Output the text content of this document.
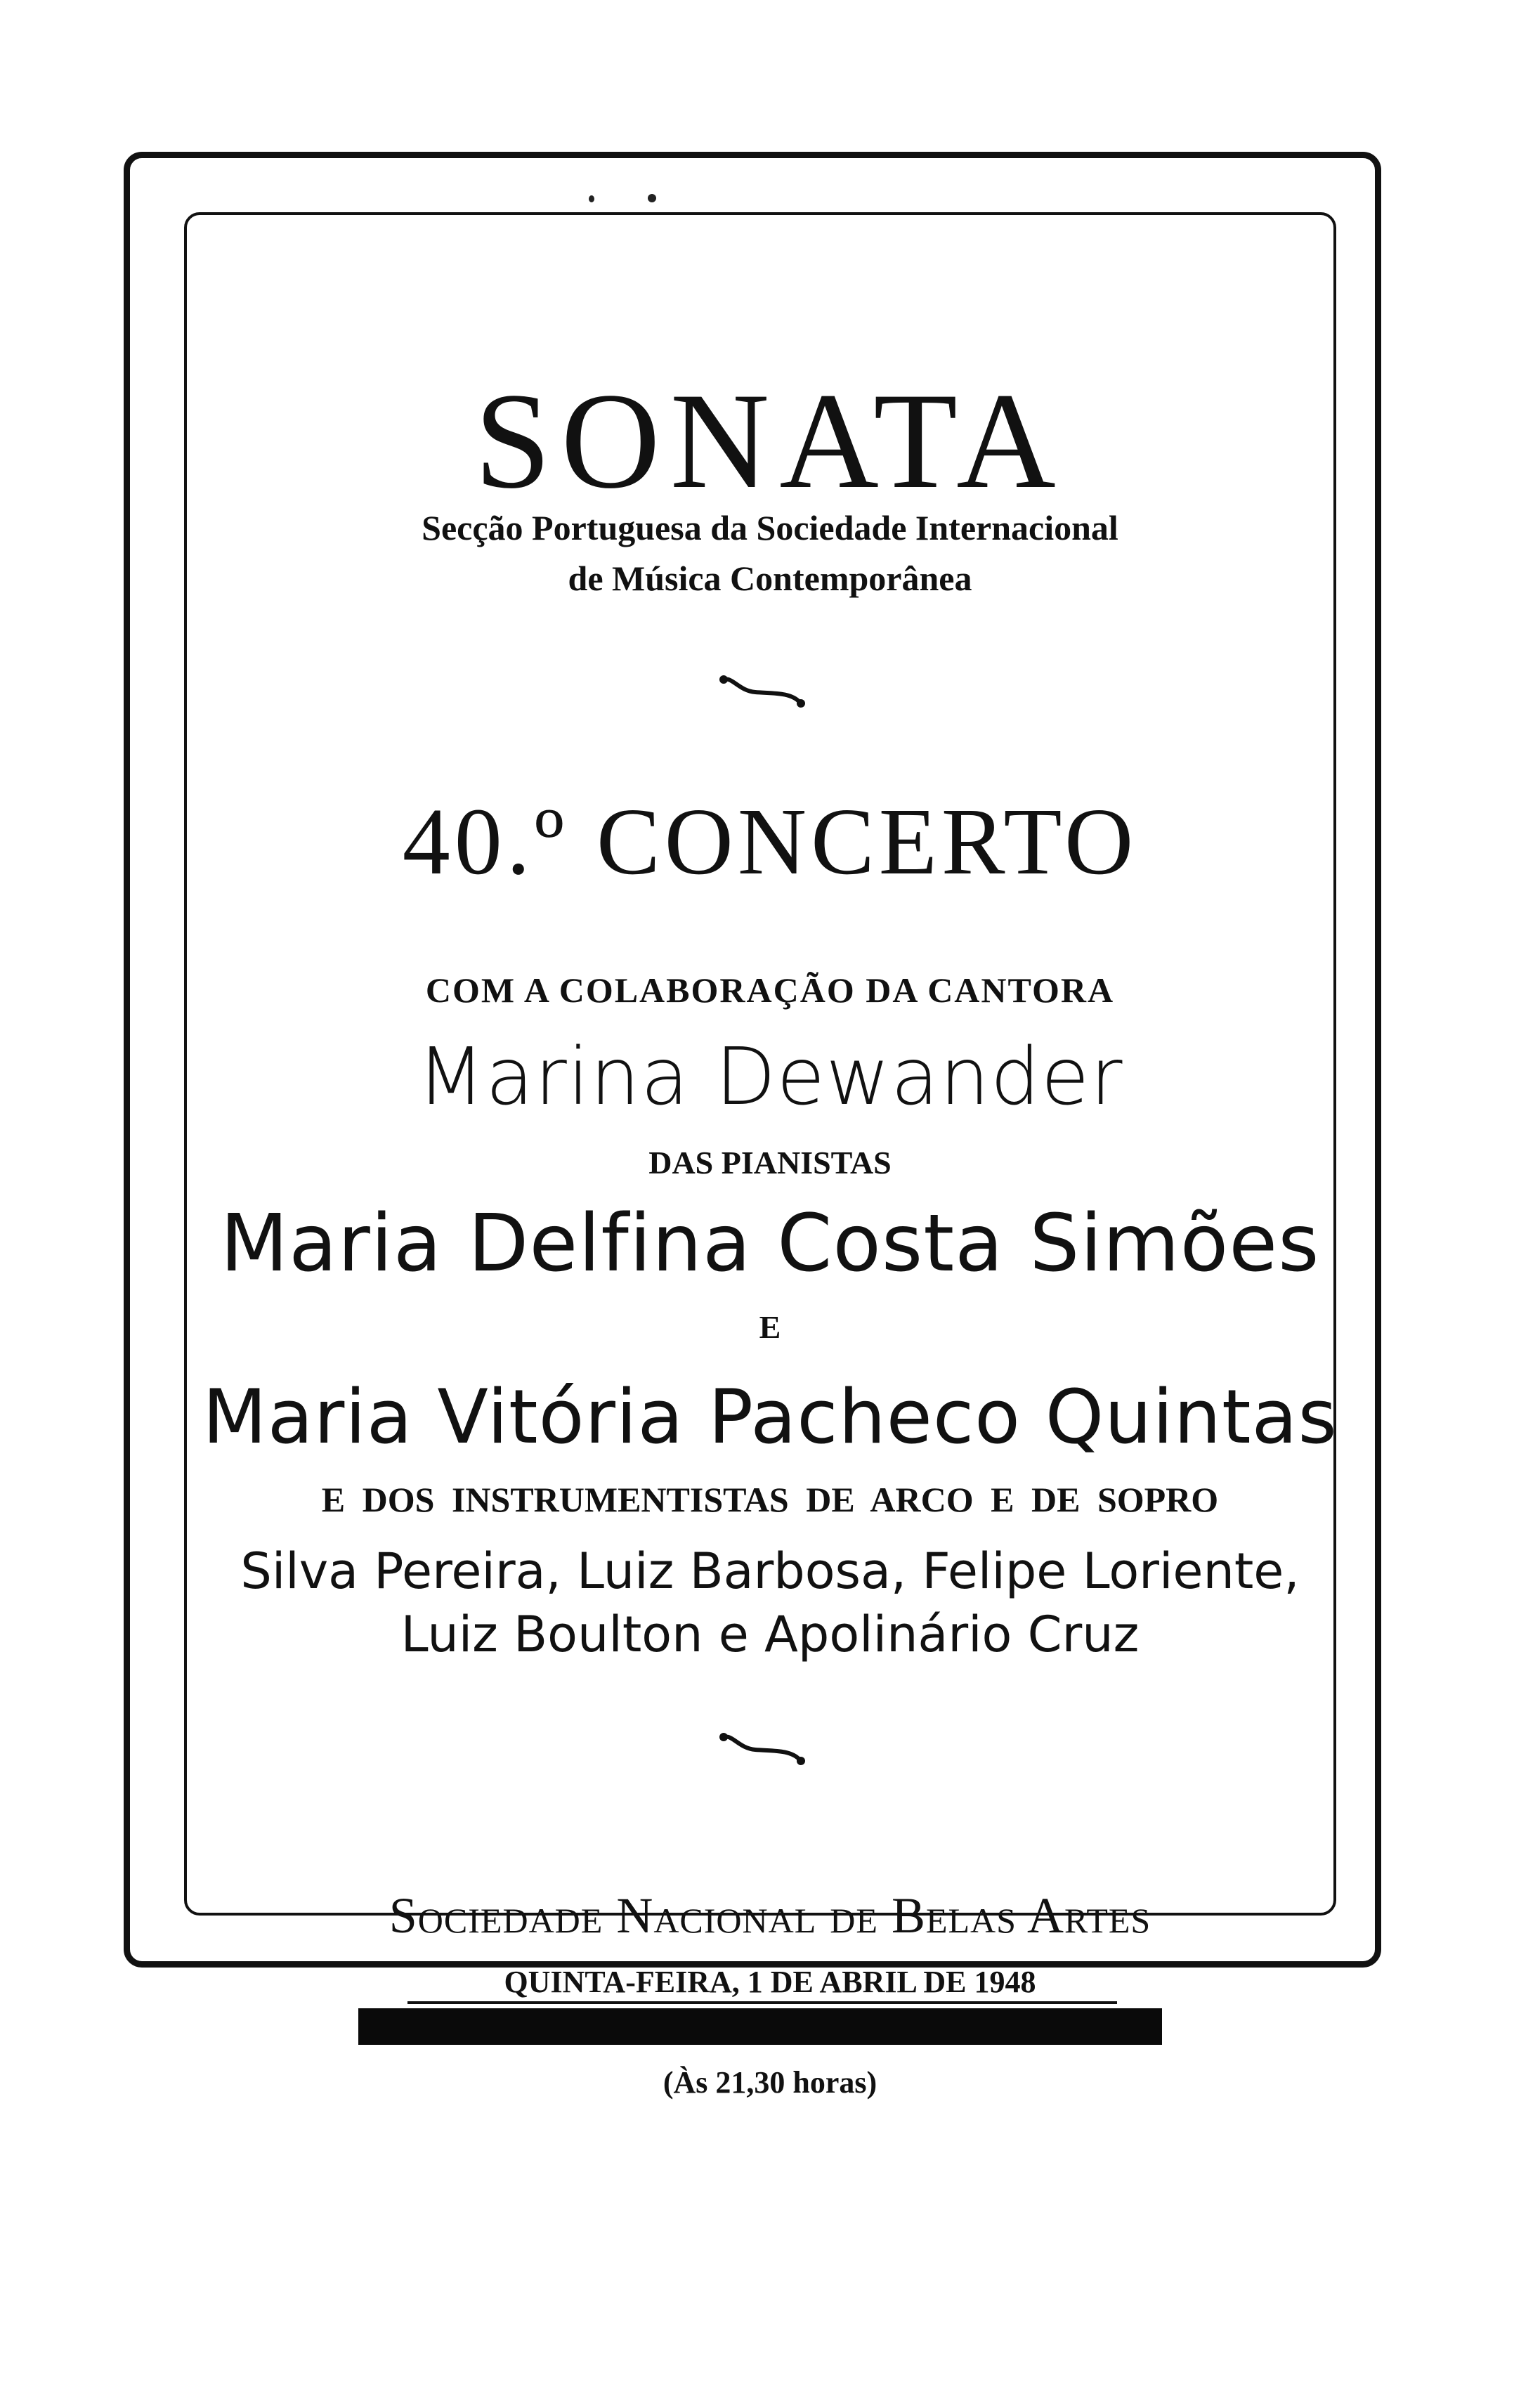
SONATA
Secção Portuguesa da Sociedade Internacional
de Música Contemporânea
40.º CONCERTO
COM A COLABORAÇÃO DA CANTORA
Marina Dewander
DAS PIANISTAS
Maria Delfina Costa Simões
E
Maria Vitória Pacheco Quintas
E DOS INSTRUMENTISTAS DE ARCO E DE SOPRO
Silva Pereira, Luiz Barbosa, Felipe Loriente,
Luiz Boulton e Apolinário Cruz
Sociedade Nacional de Belas Artes
QUINTA-FEIRA, 1 DE ABRIL DE 1948
(Às 21,30 horas)
